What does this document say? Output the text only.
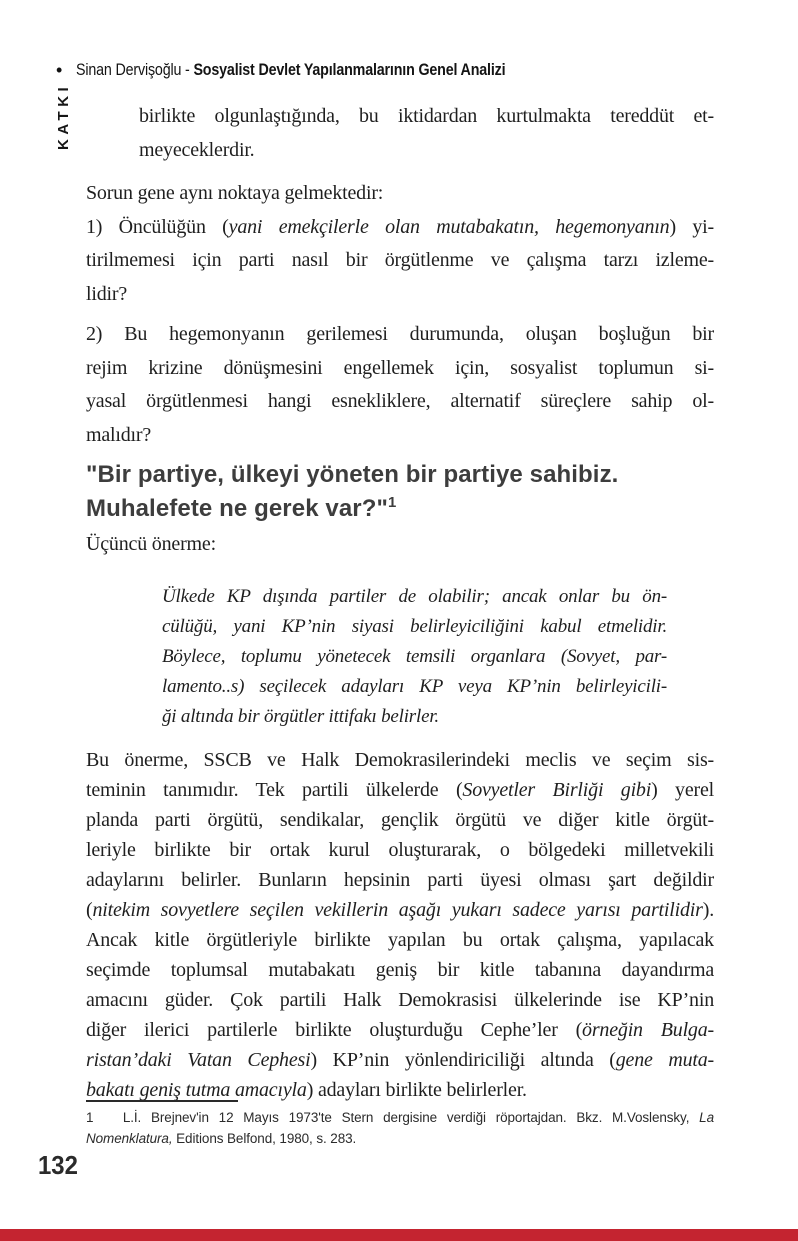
• Sinan Dervişoğlu - Sosyalist Devlet Yapılanmalarının Genel Analizi
KATKI	birlikte olgunlaştığında, bu iktidardan kurtulmakta tereddüt et-
meyeceklerdir.
Sorun gene aynı noktaya gelmektedir:
1) Öncülüğün (yani emekçilerle olan mutabakatın, hegemonyanın) yi-
tirilmemesi için parti nasıl bir örgütlenme ve çalışma tarzı izleme-
lidir?
2) Bu hegemonyanın gerilemesi durumunda, oluşan boşluğun bir
rejim krizine dönüşmesini engellemek için, sosyalist toplumun si-
yasal örgütlenmesi hangi esnekliklere, alternatif süreçlere sahip ol-
malıdır?
"Bir partiye, ülkeyi yöneten bir partiye sahibiz.
Muhalefete ne gerek var?"$^1$
Üçüncü önerme:
Ülkede KP dışında partiler de olabilir; ancak onlar bu ön-
cülüğü, yani KP’nin siyasi belirleyiciliğini kabul etmelidir.
Böylece, toplumu yönetecek temsili organlara (Sovyet, par-
lamento..s) seçilecek adayları KP veya KP’nin belirleyicili-
ği altında bir örgütler ittifakı belirler.
Bu önerme, SSCB ve Halk Demokrasilerindeki meclis ve seçim sis-
teminin tanımıdır. Tek partili ülkelerde (Sovyetler Birliği gibi) yerel
planda parti örgütü, sendikalar, gençlik örgütü ve diğer kitle örgüt-
leriyle birlikte bir ortak kurul oluşturarak, o bölgedeki milletvekili
adaylarını belirler. Bunların hepsinin parti üyesi olması şart değildir
(nitekim sovyetlere seçilen vekillerin aşağı yukarı sadece yarısı partilidir).
Ancak kitle örgütleriyle birlikte yapılan bu ortak çalışma, yapılacak
seçimde toplumsal mutabakatı geniş bir kitle tabanına dayandırma
amacını güder. Çok partili Halk Demokrasisi ülkelerinde ise KP’nin
diğer ilerici partilerle birlikte oluşturduğu Cephe’ler (örneğin Bulga-
ristan’daki Vatan Cephesi) KP’nin yönlendiriciliği altında (gene muta-
bakatı geniş tutma amacıyla) adayları birlikte belirlerler.
1   L.İ. Brejnev'in 12 Mayıs 1973'te Stern dergisine verdiği röportajdan. Bkz. M.Voslensky, La
Nomenklatura, Editions Belfond, 1980, s. 283.
132
